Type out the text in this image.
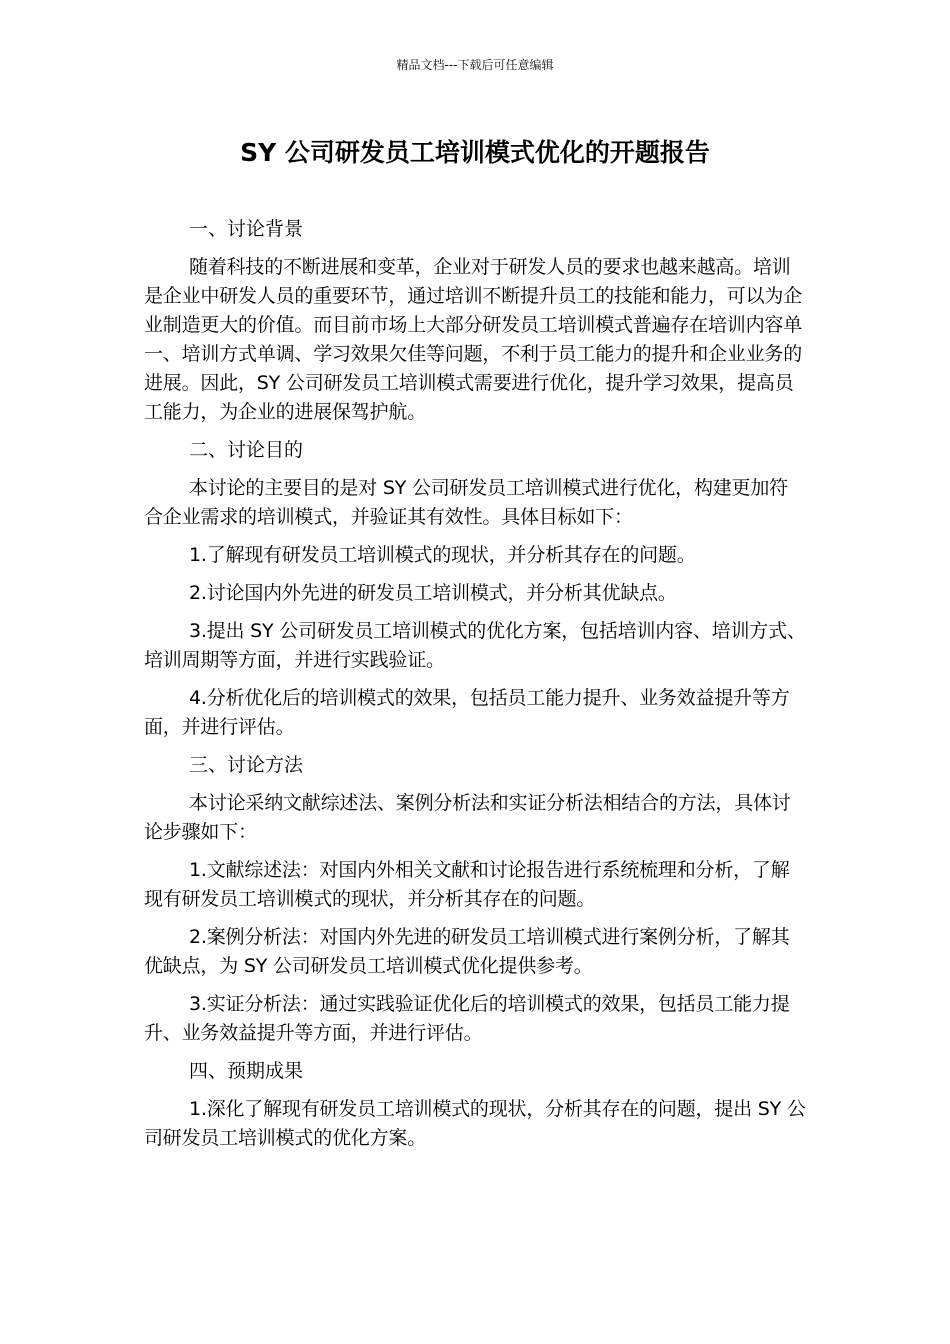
精品文档---下载后可任意编辑
SY 公司研发员工培训模式优化的开题报告

一、讨论背景

随着科技的不断进展和变革，企业对于研发人员的要求也越来越高。培训是企业中研发人员的重要环节，通过培训不断提升员工的技能和能力，可以为企业制造更大的价值。而目前市场上大部分研发员工培训模式普遍存在培训内容单一、培训方式单调、学习效果欠佳等问题，不利于员工能力的提升和企业业务的进展。因此，SY 公司研发员工培训模式需要进行优化，提升学习效果，提高员工能力，为企业的进展保驾护航。

二、讨论目的

本讨论的主要目的是对 SY 公司研发员工培训模式进行优化，构建更加符合企业需求的培训模式，并验证其有效性。具体目标如下：

1.了解现有研发员工培训模式的现状，并分析其存在的问题。

2.讨论国内外先进的研发员工培训模式，并分析其优缺点。

3.提出 SY 公司研发员工培训模式的优化方案，包括培训内容、培训方式、培训周期等方面，并进行实践验证。

4.分析优化后的培训模式的效果，包括员工能力提升、业务效益提升等方面，并进行评估。

三、讨论方法

本讨论采纳文献综述法、案例分析法和实证分析法相结合的方法，具体讨论步骤如下：

1.文献综述法：对国内外相关文献和讨论报告进行系统梳理和分析，了解现有研发员工培训模式的现状，并分析其存在的问题。

2.案例分析法：对国内外先进的研发员工培训模式进行案例分析，了解其优缺点，为 SY 公司研发员工培训模式优化提供参考。

3.实证分析法：通过实践验证优化后的培训模式的效果，包括员工能力提升、业务效益提升等方面，并进行评估。

四、预期成果

1.深化了解现有研发员工培训模式的现状，分析其存在的问题，提出 SY 公司研发员工培训模式的优化方案。
